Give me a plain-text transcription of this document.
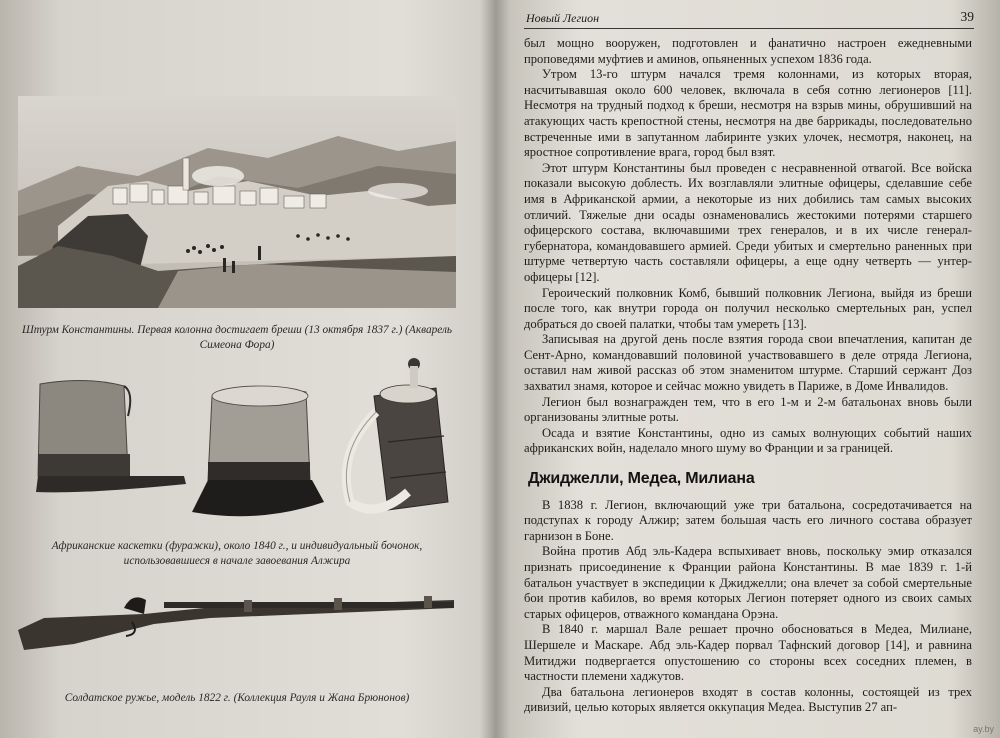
Штурм Константины. Первая колонна достигает бреши (13 октября 1837 г.) (Акварель Симеона Фора)
Африканские каскетки (фуражки), около 1840 г., и индивидуальный бочонок, использовавшиеся в начале завоевания Алжира
Солдатское ружье, модель 1822 г. (Коллекция Рауля и Жана Брюнонов)
Новый Легион	39

был мощно вооружен, подготовлен и фанатично настроен ежедневными проповедями муфтиев и аминов, опьяненных успехом 1836 года.

Утром 13-го штурм начался тремя колоннами, из которых вторая, насчитывавшая около 600 человек, включала в себя сотню легионеров [11]. Несмотря на трудный подход к бреши, несмотря на взрыв мины, обрушивший на атакующих часть крепостной стены, несмотря на две баррикады, последовательно встреченные ими в запутанном лабиринте узких улочек, несмотря, наконец, на яростное сопротивление врага, город был взят.

Этот штурм Константины был проведен с несравненной отвагой. Все войска показали высокую доблесть. Их возглавляли элитные офицеры, сделавшие себе имя в Африканской армии, а некоторые из них добились там самых высоких отличий. Тяжелые дни осады ознаменовались жестокими потерями старшего офицерского состава, включавшими трех генералов, и в их числе генерал-губернатора, командовавшего армией. Среди убитых и смертельно раненных при штурме четвертую часть составляли офицеры, а еще одну четверть — унтер-офицеры [12].

Героический полковник Комб, бывший полковник Легиона, выйдя из бреши после того, как внутри города он получил несколько смертельных ран, успел добраться до своей палатки, чтобы там умереть [13].

Записывая на другой день после взятия города свои впечатления, капитан де Сент-Арно, командовавший половиной участвовавшего в деле отряда Легиона, оставил нам живой рассказ об этом знаменитом штурме. Старший сержант Доз захватил знамя, которое и сейчас можно увидеть в Париже, в Доме Инвалидов.

Легион был вознагражден тем, что в его 1-м и 2-м батальонах вновь были организованы элитные роты.

Осада и взятие Константины, одно из самых волнующих событий наших африканских войн, наделало много шуму во Франции и за границей.

Джиджелли, Медеа, Милиана

В 1838 г. Легион, включающий уже три батальона, сосредотачивается на подступах к городу Алжир; затем большая часть его личного состава образует гарнизон в Боне.

Война против Абд эль-Кадера вспыхивает вновь, поскольку эмир отказался признать присоединение к Франции района Константины. В мае 1839 г. 1-й батальон участвует в экспедиции к Джиджелли; она влечет за собой смертельные бои против кабилов, во время которых Легион потеряет одного из своих самых старых офицеров, отважного командана Орэна.

В 1840 г. маршал Вале решает прочно обосноваться в Медеа, Милиане, Шершеле и Маскаре. Абд эль-Кадер порвал Тафнский договор [14], и равнина Митиджи подвергается опустошению со стороны всех соседних племен, в частности племени хаджутов.

Два батальона легионеров входят в состав колонны, состоящей из трех дивизий, целью которых является оккупация Медеа. Выступив 27 ап-

ay.by
